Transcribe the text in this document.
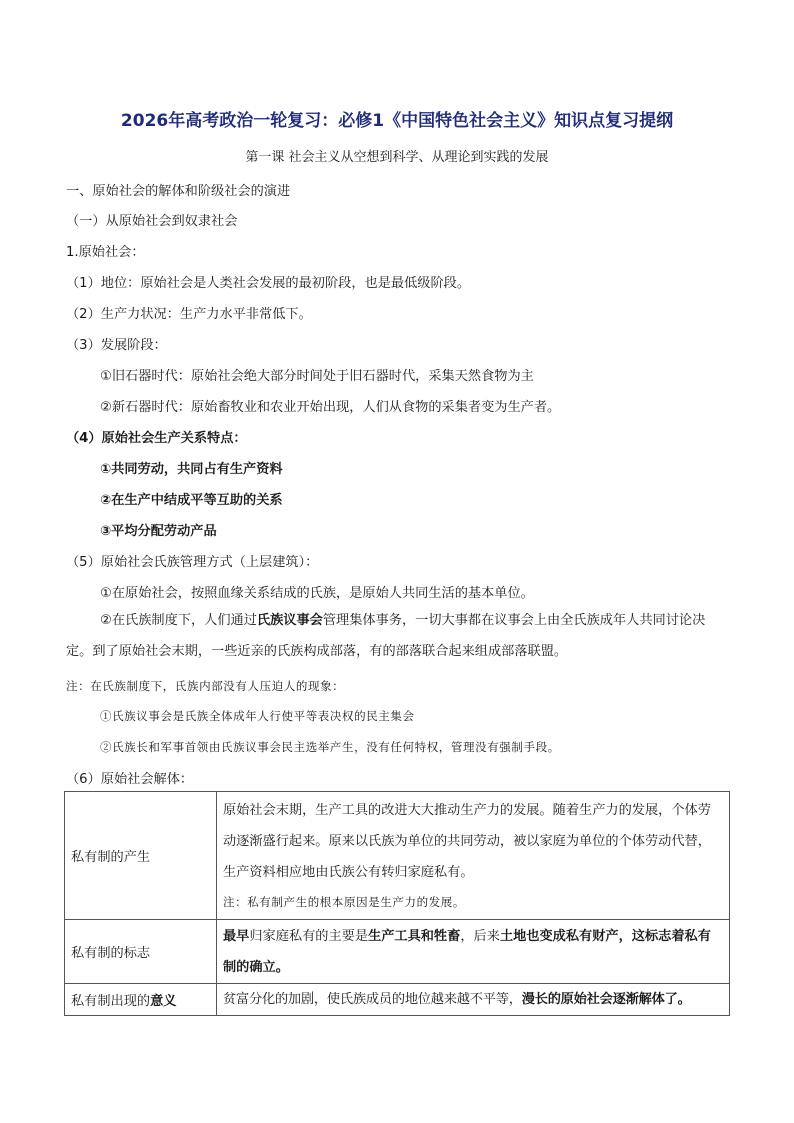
2026年高考政治一轮复习：必修1《中国特色社会主义》知识点复习提纲
第一课 社会主义从空想到科学、从理论到实践的发展
一、原始社会的解体和阶级社会的演进
（一）从原始社会到奴隶社会
1.原始社会：
（1）地位：原始社会是人类社会发展的最初阶段，也是最低级阶段。
（2）生产力状况：生产力水平非常低下。
（3）发展阶段：
①旧石器时代：原始社会绝大部分时间处于旧石器时代，采集天然食物为主
②新石器时代：原始畜牧业和农业开始出现，人们从食物的采集者变为生产者。
（4）原始社会生产关系特点：
①共同劳动，共同占有生产资料
②在生产中结成平等互助的关系
③平均分配劳动产品
（5）原始社会氏族管理方式（上层建筑）：
①在原始社会，按照血缘关系结成的氏族，是原始人共同生活的基本单位。
②在氏族制度下，人们通过氏族议事会管理集体事务，一切大事都在议事会上由全氏族成年人共同讨论决定。到了原始社会末期，一些近亲的氏族构成部落，有的部落联合起来组成部落联盟。
注：在氏族制度下，氏族内部没有人压迫人的现象：
①氏族议事会是氏族全体成年人行使平等表决权的民主集会
②氏族长和军事首领由氏族议事会民主选举产生，没有任何特权，管理没有强制手段。
（6）原始社会解体：
私有制的产生	原始社会末期，生产工具的改进大大推动生产力的发展。随着生产力的发展，个体劳动逐渐盛行起来。原来以氏族为单位的共同劳动，被以家庭为单位的个体劳动代替，生产资料相应地由氏族公有转归家庭私有。
注：私有制产生的根本原因是生产力的发展。

私有制的标志	最早归家庭私有的主要是生产工具和牲畜，后来土地也变成私有财产，这标志着私有制的确立。
私有制出现的意义	贫富分化的加剧，使氏族成员的地位越来越不平等，漫长的原始社会逐渐解体了。
